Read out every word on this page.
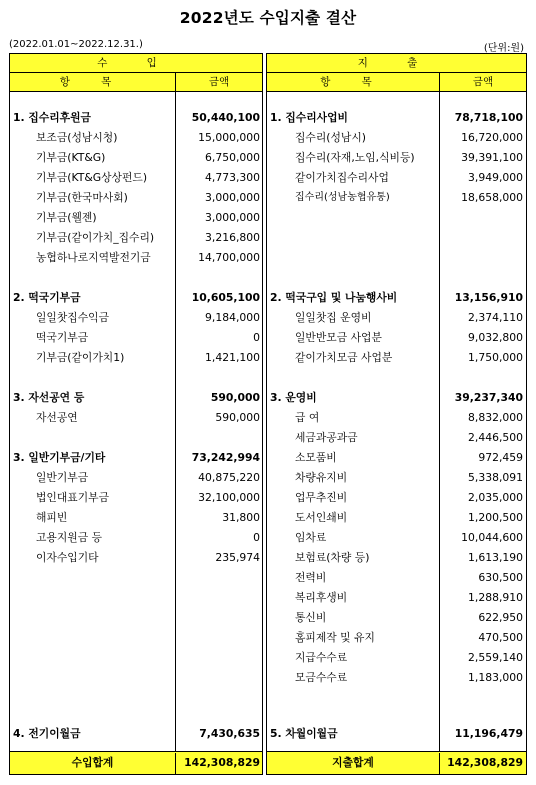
2022년도 수입지출 결산
(2022.01.01~2022.12.31.)	(단위:원)
수 입
항 목	금액
1. 집수리후원금	50,440,100
보조금(성남시청)	15,000,000
기부금(KT&G)	6,750,000
기부금(KT&G상상펀드)	4,773,300
기부금(한국마사회)	3,000,000
기부금(웰젠)	3,000,000
기부금(같이가치_집수리)	3,216,800
농협하나로지역발전기금	14,700,000
2. 떡국기부금	10,605,100
일일찻집수익금	9,184,000
떡국기부금	0
기부금(같이가치1)	1,421,100
3. 자선공연 등	590,000
자선공연	590,000
3. 일반기부금/기타	73,242,994
일반기부금	40,875,220
법인대표기부금	32,100,000
해피빈	31,800
고용지원금 등	0
이자수입기타	235,974
4. 전기이월금	7,430,635
수입합계	142,308,829
지 출
항 목	금액
1. 집수리사업비	78,718,100
집수리(성남시)	16,720,000
집수리(자재,노임,식비등)	39,391,100
같이가치집수리사업	3,949,000
집수리(성남농협유통)	18,658,000
2. 떡국구입 및 나눔행사비	13,156,910
일일찻집 운영비	2,374,110
일반반모금 사업분	9,032,800
같이가치모금 사업분	1,750,000
3. 운영비	39,237,340
급 여	8,832,000
세금과공과금	2,446,500
소모품비	972,459
차량유지비	5,338,091
업무추진비	2,035,000
도서인쇄비	1,200,500
임차료	10,044,600
보험료(차량 등)	1,613,190
전력비	630,500
복리후생비	1,288,910
통신비	622,950
홈피제작 및 유지	470,500
지급수수료	2,559,140
모금수수료	1,183,000
5. 차월이월금	11,196,479
지출합계	142,308,829
